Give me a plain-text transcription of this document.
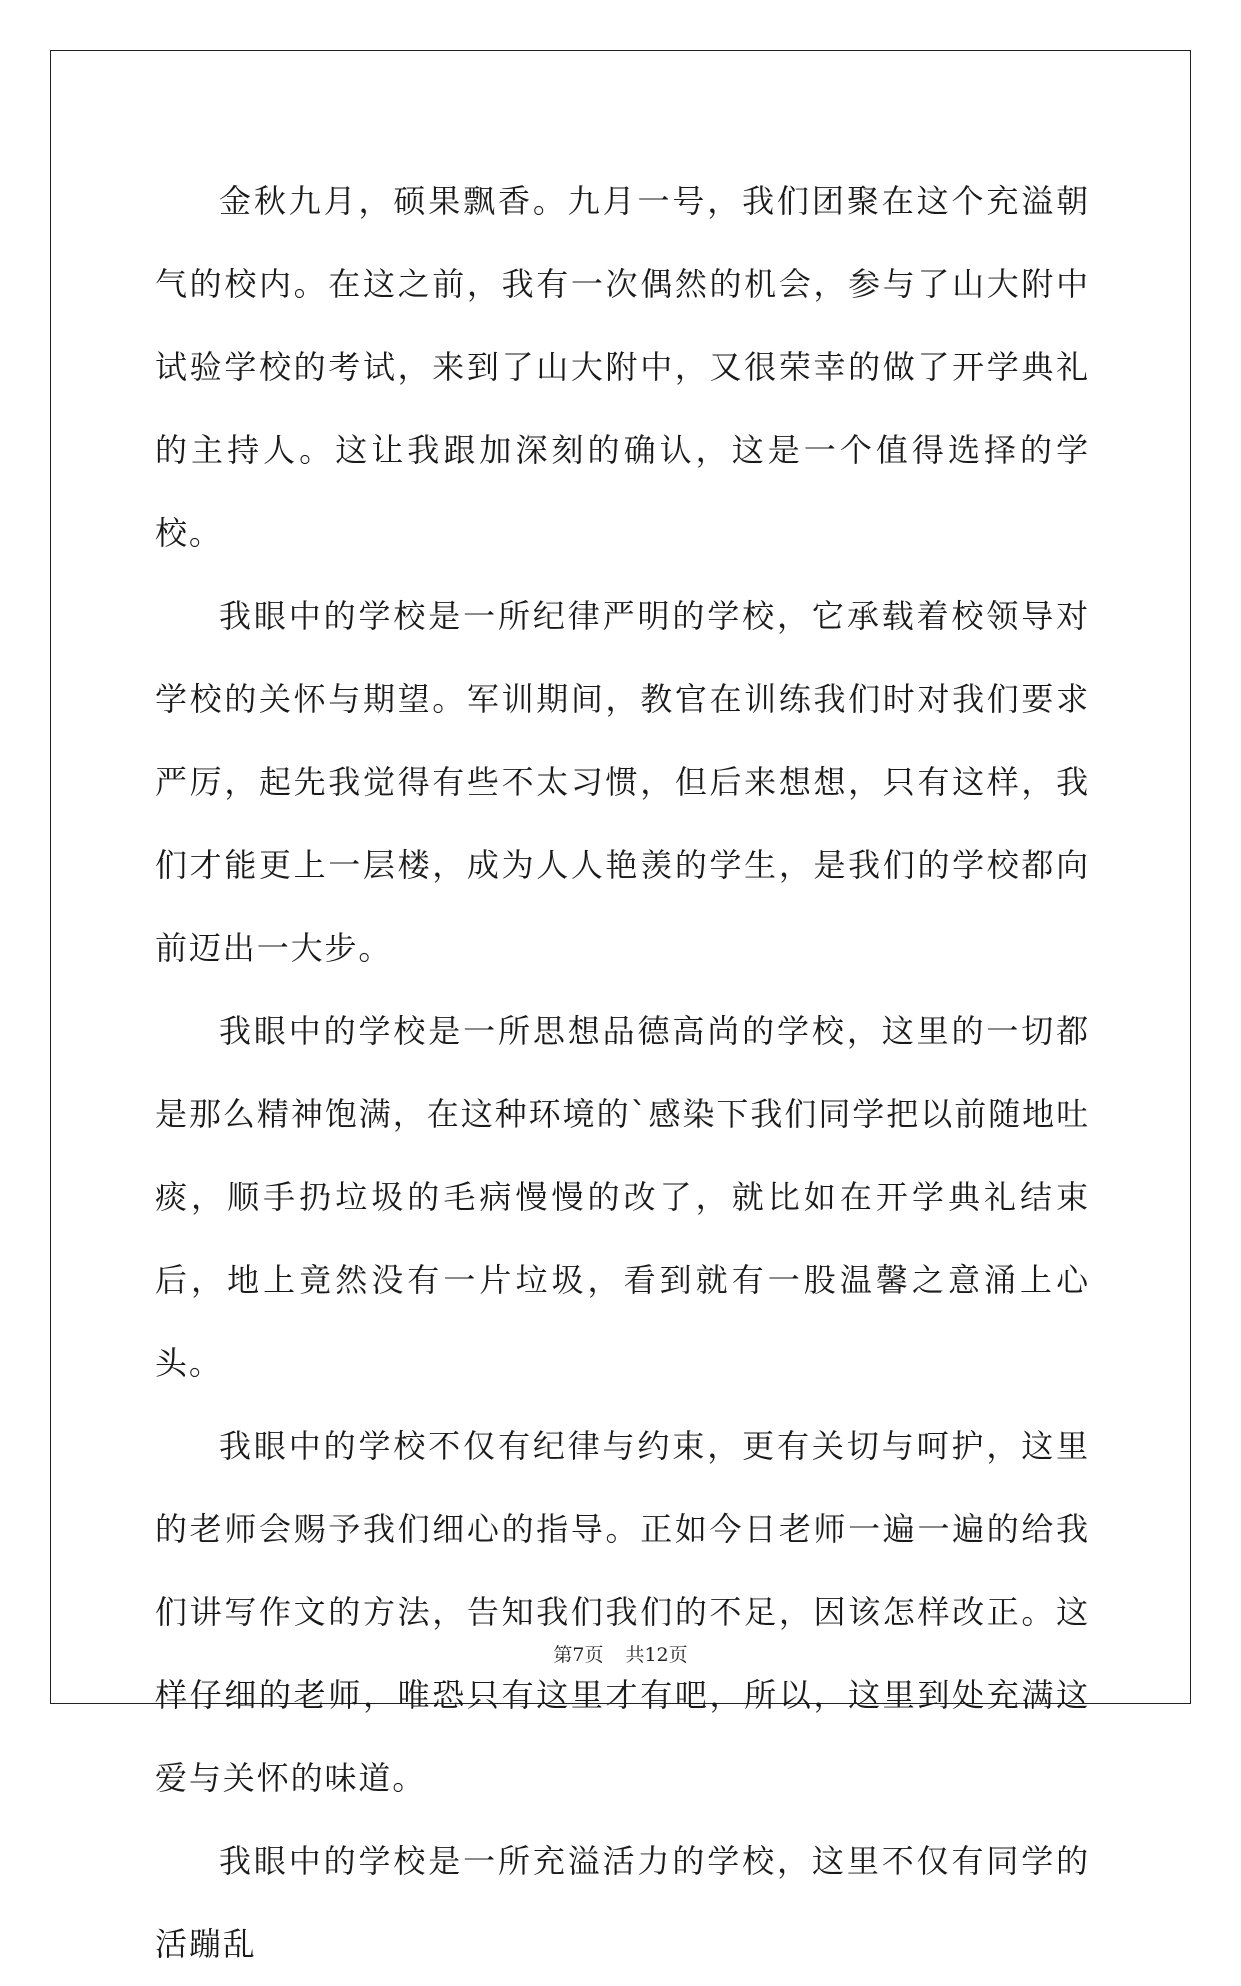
金秋九月，硕果飘香。九月一号，我们团聚在这个充溢朝气的校内。在这之前，我有一次偶然的机会，参与了山大附中试验学校的考试，来到了山大附中，又很荣幸的做了开学典礼的主持人。这让我跟加深刻的确认，这是一个值得选择的学校。

我眼中的学校是一所纪律严明的学校，它承载着校领导对学校的关怀与期望。军训期间，教官在训练我们时对我们要求严厉，起先我觉得有些不太习惯，但后来想想，只有这样，我们才能更上一层楼，成为人人艳羡的学生，是我们的学校都向前迈出一大步。

我眼中的学校是一所思想品德高尚的学校，这里的一切都是那么精神饱满，在这种环境的`感染下我们同学把以前随地吐痰，顺手扔垃圾的毛病慢慢的改了，就比如在开学典礼结束后，地上竟然没有一片垃圾，看到就有一股温馨之意涌上心头。

我眼中的学校不仅有纪律与约束，更有关切与呵护，这里的老师会赐予我们细心的指导。正如今日老师一遍一遍的给我们讲写作文的方法，告知我们我们的不足，因该怎样改正。这样仔细的老师，唯恐只有这里才有吧，所以，这里到处充满这爱与关怀的味道。

我眼中的学校是一所充溢活力的学校，这里不仅有同学的活蹦乱

第7页 共12页
